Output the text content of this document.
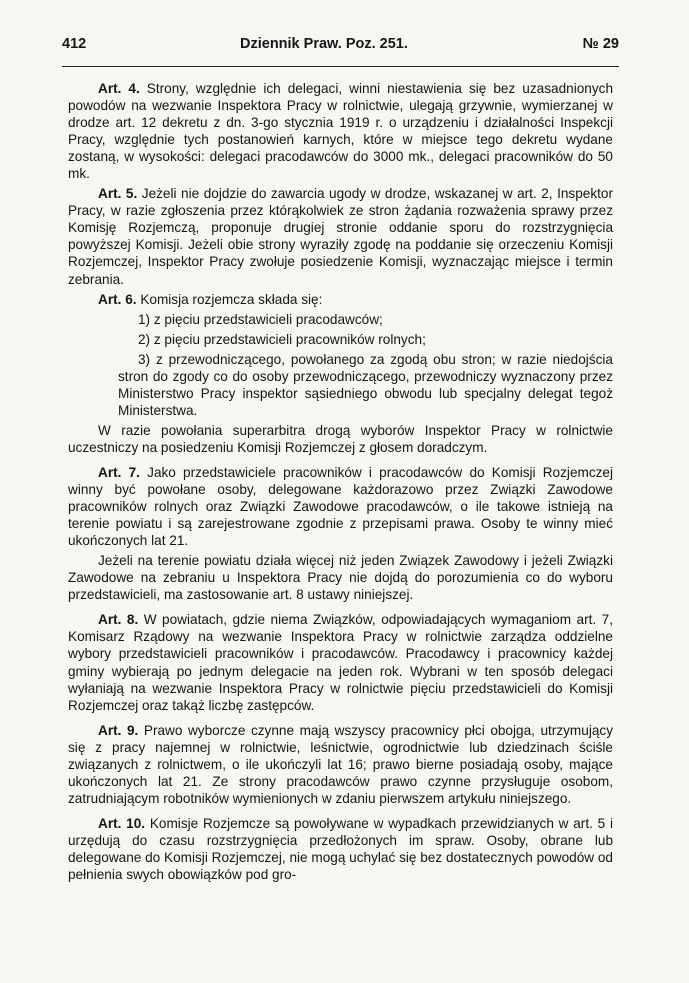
412	Dziennik Praw. Poz. 251.	№ 29

Art. 4. Strony, względnie ich delegaci, winni niestawienia się bez uzasadnionych powodów na wezwanie Inspektora Pracy w rolnictwie, ulegają grzywnie, wymierzanej w drodze art. 12 dekretu z dn. 3-go stycznia 1919 r. o urządzeniu i działalności Inspekcji Pracy, względnie tych postanowień karnych, które w miejsce tego dekretu wydane zostaną, w wysokości: delegaci pracodawców do 3000 mk., delegaci pracowników do 50 mk.

Art. 5. Jeżeli nie dojdzie do zawarcia ugody w drodze, wskazanej w art. 2, Inspektor Pracy, w razie zgłoszenia przez którąkolwiek ze stron żądania rozważenia sprawy przez Komisję Rozjemczą, proponuje drugiej stronie oddanie sporu do rozstrzygnięcia powyższej Komisji. Jeżeli obie strony wyraziły zgodę na poddanie się orzeczeniu Komisji Rozjemczej, Inspektor Pracy zwołuje posiedzenie Komisji, wyznaczając miejsce i termin zebrania.

Art. 6. Komisja rozjemcza składa się:

1) z pięciu przedstawicieli pracodawców;

2) z pięciu przedstawicieli pracowników rolnych;

3) z przewodniczącego, powołanego za zgodą obu stron; w razie niedojścia stron do zgody co do osoby przewodniczącego, przewodniczy wyznaczony przez Ministerstwo Pracy inspektor sąsiedniego obwodu lub specjalny delegat tegoż Ministerstwa.

W razie powołania superarbitra drogą wyborów Inspektor Pracy w rolnictwie uczestniczy na posiedzeniu Komisji Rozjemczej z głosem doradczym.

Art. 7. Jako przedstawiciele pracowników i pracodawców do Komisji Rozjemczej winny być powołane osoby, delegowane każdorazowo przez Związki Zawodowe pracowników rolnych oraz Związki Zawodowe pracodawców, o ile takowe istnieją na terenie powiatu i są zarejestrowane zgodnie z przepisami prawa. Osoby te winny mieć ukończonych lat 21.

Jeżeli na terenie powiatu działa więcej niż jeden Związek Zawodowy i jeżeli Związki Zawodowe na zebraniu u Inspektora Pracy nie dojdą do porozumienia co do wyboru przedstawicieli, ma zastosowanie art. 8 ustawy niniejszej.

Art. 8. W powiatach, gdzie niema Związków, odpowiadających wymaganiom art. 7, Komisarz Rządowy na wezwanie Inspektora Pracy w rolnictwie zarządza oddzielne wybory przedstawicieli pracowników i pracodawców. Pracodawcy i pracownicy każdej gminy wybierają po jednym delegacie na jeden rok. Wybrani w ten sposób delegaci wyłaniają na wezwanie Inspektora Pracy w rolnictwie pięciu przedstawicieli do Komisji Rozjemczej oraz takąż liczbę zastępców.

Art. 9. Prawo wyborcze czynne mają wszyscy pracownicy płci obojga, utrzymujący się z pracy najemnej w rolnictwie, leśnictwie, ogrodnictwie lub dziedzinach ściśle związanych z rolnictwem, o ile ukończyli lat 16; prawo bierne posiadają osoby, mające ukończonych lat 21. Ze strony pracodawców prawo czynne przysługuje osobom, zatrudniającym robotników wymienionych w zdaniu pierwszem artykułu niniejszego.

Art. 10. Komisje Rozjemcze są powoływane w wypadkach przewidzianych w art. 5 i urzędują do czasu rozstrzygnięcia przedłożonych im spraw. Osoby, obrane lub delegowane do Komisji Rozjemczej, nie mogą uchylać się bez dostatecznych powodów od pełnienia swych obowiązków pod gro-
